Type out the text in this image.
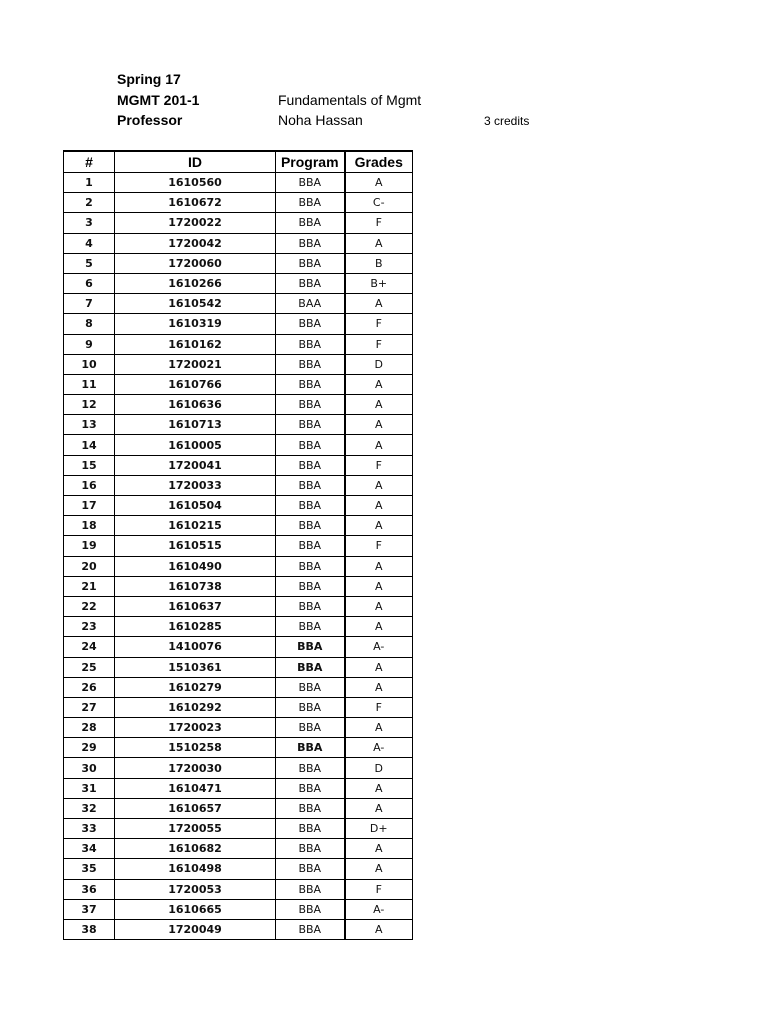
Spring 17
MGMT 201-1	Fundamentals of Mgmt
Professor	Noha Hassan	3 credits
#	ID	Program	Grades
1	1610560	BBA	A
2	1610672	BBA	C-
3	1720022	BBA	F
4	1720042	BBA	A
5	1720060	BBA	B
6	1610266	BBA	B+
7	1610542	BAA	A
8	1610319	BBA	F
9	1610162	BBA	F
10	1720021	BBA	D
11	1610766	BBA	A
12	1610636	BBA	A
13	1610713	BBA	A
14	1610005	BBA	A
15	1720041	BBA	F
16	1720033	BBA	A
17	1610504	BBA	A
18	1610215	BBA	A
19	1610515	BBA	F
20	1610490	BBA	A
21	1610738	BBA	A
22	1610637	BBA	A
23	1610285	BBA	A
24	1410076	BBA	A-
25	1510361	BBA	A
26	1610279	BBA	A
27	1610292	BBA	F
28	1720023	BBA	A
29	1510258	BBA	A-
30	1720030	BBA	D
31	1610471	BBA	A
32	1610657	BBA	A
33	1720055	BBA	D+
34	1610682	BBA	A
35	1610498	BBA	A
36	1720053	BBA	F
37	1610665	BBA	A-
38	1720049	BBA	A
